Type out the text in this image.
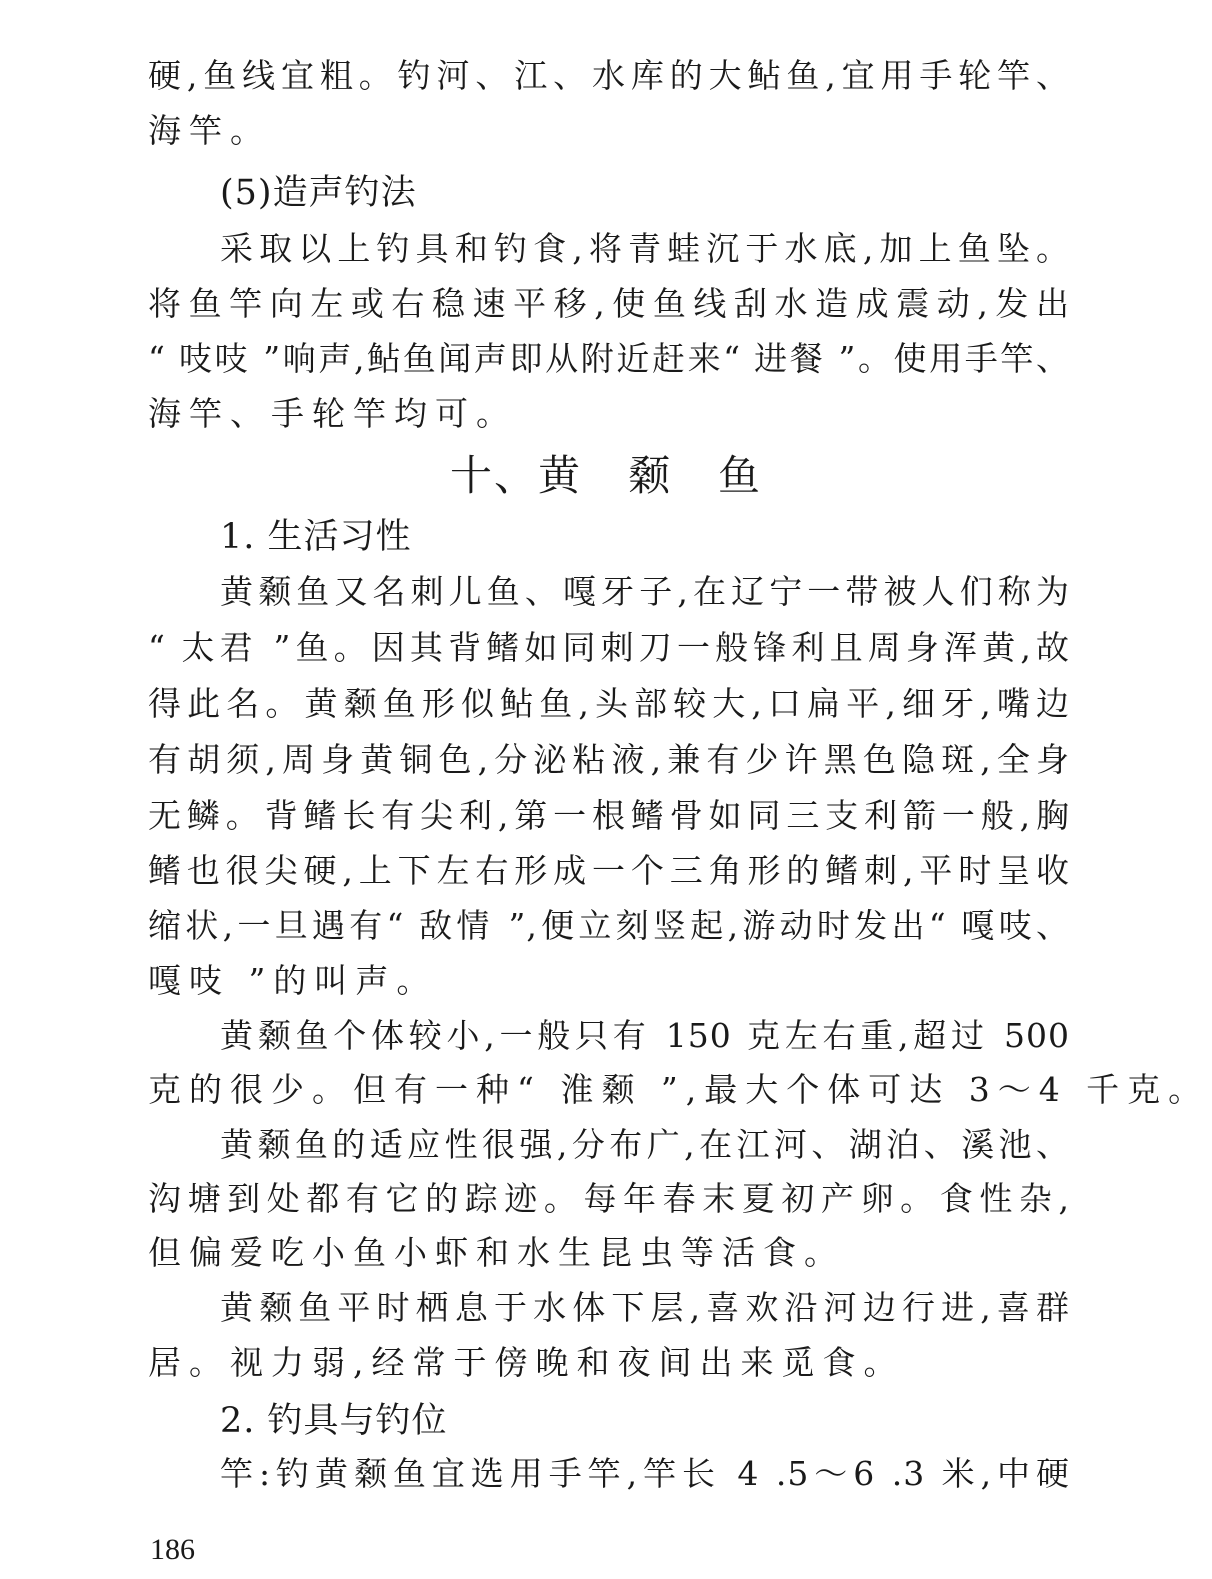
硬,鱼线宜粗。钓河、江、水库的大鲇鱼,宜用手轮竿、
海竿。
(5)造声钓法
采取以上钓具和钓食,将青蛙沉于水底,加上鱼坠。
将鱼竿向左或右稳速平移,使鱼线刮水造成震动,发出
“ 吱吱 ”响声,鲇鱼闻声即从附近赶来“ 进餐 ”。使用手竿、
海竿、手轮竿均可。
十、黄   颡   鱼
1. 生活习性
黄颡鱼又名刺儿鱼、嘎牙子,在辽宁一带被人们称为
“ 太君 ”鱼。因其背鳍如同刺刀一般锋利且周身浑黄,故
得此名。黄颡鱼形似鲇鱼,头部较大,口扁平,细牙,嘴边
有胡须,周身黄铜色,分泌粘液,兼有少许黑色隐斑,全身
无鳞。背鳍长有尖利,第一根鳍骨如同三支利箭一般,胸
鳍也很尖硬,上下左右形成一个三角形的鳍刺,平时呈收
缩状,一旦遇有“ 敌情 ”,便立刻竖起,游动时发出“ 嘎吱、
嘎吱 ”的叫声。
黄颡鱼个体较小,一般只有 150 克左右重,超过 500
克的很少。但有一种“ 淮颡 ”,最大个体可达 3～4 千克。
黄颡鱼的适应性很强,分布广,在江河、湖泊、溪池、
沟塘到处都有它的踪迹。每年春末夏初产卵。食性杂,
但偏爱吃小鱼小虾和水生昆虫等活食。
黄颡鱼平时栖息于水体下层,喜欢沿河边行进,喜群
居。视力弱,经常于傍晚和夜间出来觅食。
2. 钓具与钓位
竿:钓黄颡鱼宜选用手竿,竿长 4 .5～6 .3 米,中硬
186
